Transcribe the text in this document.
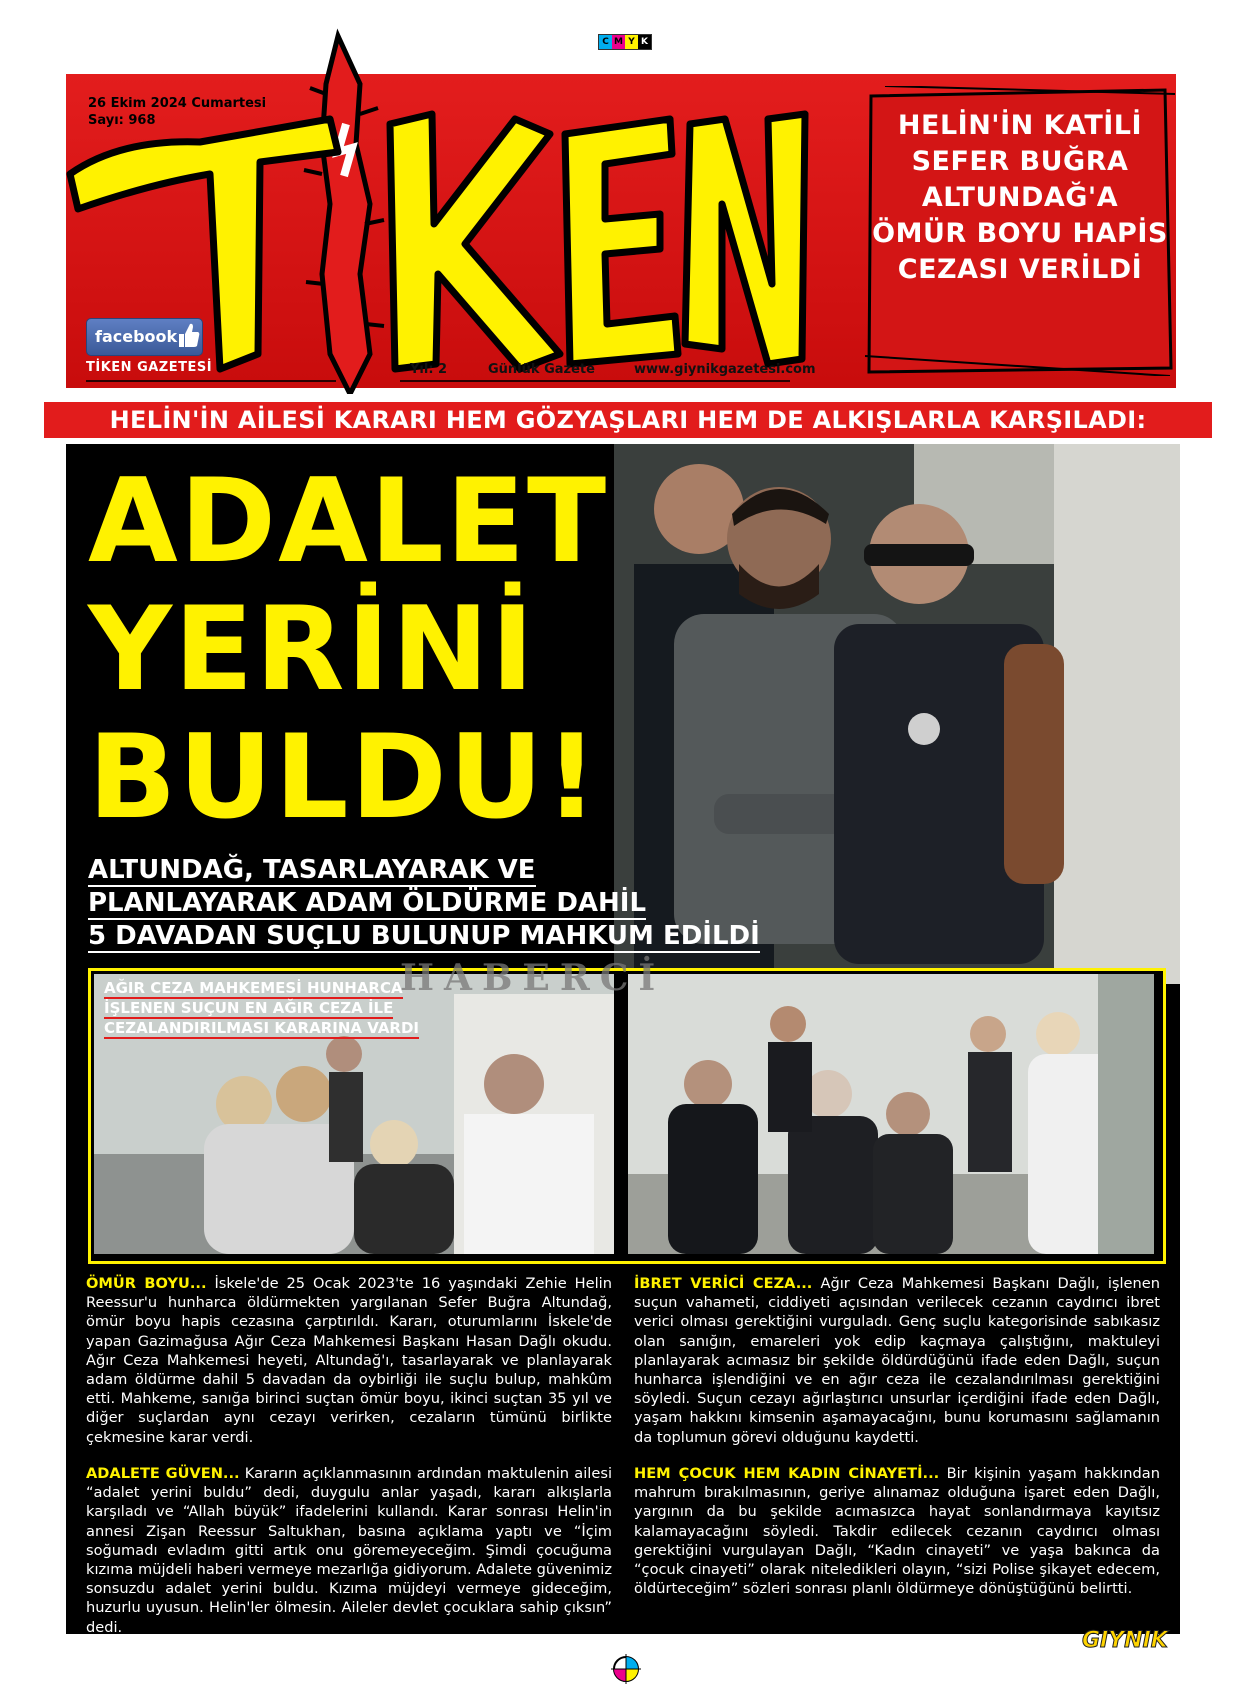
C M Y K
TİKEN
26 Ekim 2024 Cumartesi
Sayı: 968
facebook
TİKEN GAZETESİ	Yıl: 2	Günlük Gazete	www.giynikgazetesi.com
HELİN'İN KATİLİ SEFER BUĞRA ALTUNDAĞ'A ÖMÜR BOYU HAPİS CEZASI VERİLDİ
HELİN'İN AİLESİ KARARI HEM GÖZYAŞLARI HEM DE ALKIŞLARLA KARŞILADI:
ADALET
YERİNİ
BULDU!
ALTUNDAĞ, TASARLAYARAK VE
PLANLAYARAK ADAM ÖLDÜRME DAHİL
5 DAVADAN SUÇLU BULUNUP MAHKUM EDİLDİ
HABERCİ
AĞIR CEZA MAHKEMESİ HUNHARCA İŞLENEN SUÇUN EN AĞIR CEZA İLE CEZALANDIRILMASI KARARINA VARDI
ÖMÜR BOYU... İskele'de 25 Ocak 2023'te 16 yaşındaki Zehie Helin Reessur'u hunharca öldürmekten yargılanan Sefer Buğra Altundağ, ömür boyu hapis cezasına çarptırıldı. Kararı, oturumlarını İskele'de yapan Gazimağusa Ağır Ceza Mahkemesi Başkanı Hasan Dağlı okudu. Ağır Ceza Mahkemesi heyeti, Altundağ'ı, tasarlayarak ve planlayarak adam öldürme dahil 5 davadan da oybirliği ile suçlu bulup, mahkûm etti. Mahkeme, sanığa birinci suçtan ömür boyu, ikinci suçtan 35 yıl ve diğer suçlardan aynı cezayı verirken, cezaların tümünü birlikte çekmesine karar verdi.
ADALETE GÜVEN... Kararın açıklanmasının ardından maktulenin ailesi “adalet yerini buldu” dedi, duygulu anlar yaşadı, kararı alkışlarla karşıladı ve “Allah büyük” ifadelerini kullandı. Karar sonrası Helin'in annesi Zişan Reessur Saltukhan, basına açıklama yaptı ve “İçim soğumadı evladım gitti artık onu göremeyeceğim. Şimdi çocuğuma kızıma müjdeli haberi vermeye mezarlığa gidiyorum. Adalete güvenimiz sonsuzdu adalet yerini buldu. Kızıma müjdeyi vermeye gideceğim, huzurlu uyusun. Helin'ler ölmesin. Aileler devlet çocuklara sahip çıksın” dedi.
İBRET VERİCİ CEZA... Ağır Ceza Mahkemesi Başkanı Dağlı, işlenen suçun vahameti, ciddiyeti açısından verilecek cezanın caydırıcı ibret verici olması gerektiğini vurguladı. Genç suçlu kategorisinde sabıkasız olan sanığın, emareleri yok edip kaçmaya çalıştığını, maktuleyi planlayarak acımasız bir şekilde öldürdüğünü ifade eden Dağlı, suçun hunharca işlendiğini ve en ağır ceza ile cezalandırılması gerektiğini söyledi. Suçun cezayı ağırlaştırıcı unsurlar içerdiğini ifade eden Dağlı, yaşam hakkını kimsenin aşamayacağını, bunu korumasını sağlamanın da toplumun görevi olduğunu kaydetti.
HEM ÇOCUK HEM KADIN CİNAYETİ... Bir kişinin yaşam hakkından mahrum bırakılmasının, geriye alınamaz olduğuna işaret eden Dağlı, yargının da bu şekilde acımasızca hayat sonlandırmaya kayıtsız kalamayacağını söyledi. Takdir edilecek cezanın caydırıcı olması gerektiğini vurgulayan Dağlı, “Kadın cinayeti” ve yaşa bakınca da “çocuk cinayeti” olarak niteledikleri olayın, “sizi Polise şikayet edecem, öldürteceğim” sözleri sonrası planlı öldürmeye dönüştüğünü belirtti.
GIYNIK
